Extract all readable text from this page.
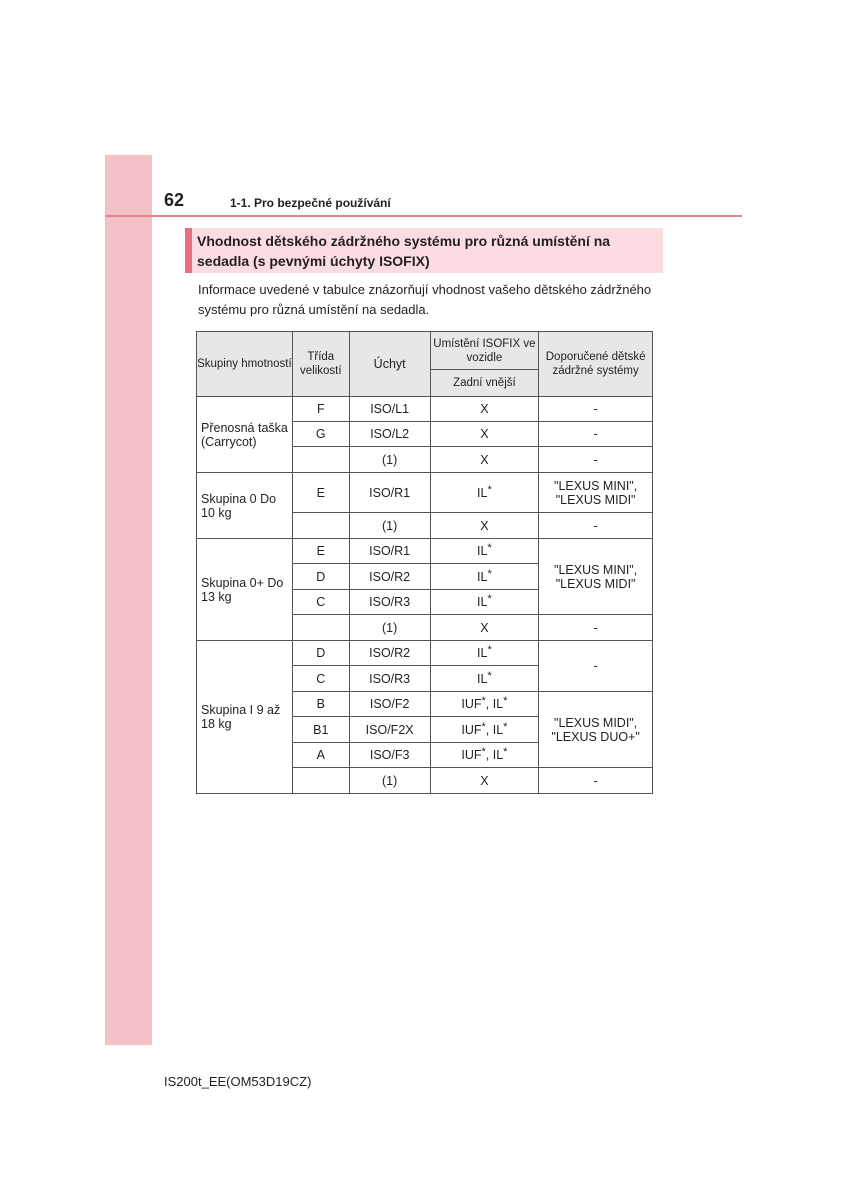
62	1-1. Pro bezpečné používání
Vhodnost dětského zádržného systému pro různá umístění na sedadla (s pevnými úchyty ISOFIX)
Informace uvedené v tabulce znázorňují vhodnost vašeho dětského zádržného systému pro různá umístění na sedadla.
Skupiny hmotností	Třída velikostí	Úchyt	Umístění ISOFIX ve vozidle	Doporučené dětské zádržné systémy
			Zadní vnější	
Přenosná taška (Carrycot)	F	ISO/L1	X	-
	G	ISO/L2	X	-
		(1)	X	-
Skupina 0 Do 10 kg	E	ISO/R1	IL*	"LEXUS MINI", "LEXUS MIDI"
		(1)	X	-
Skupina 0+ Do 13 kg	E	ISO/R1	IL*	"LEXUS MINI", "LEXUS MIDI"
	D	ISO/R2	IL*
	C	ISO/R3	IL*
		(1)	X	-
Skupina I 9 až 18 kg	D	ISO/R2	IL*	-
	C	ISO/R3	IL*
	B	ISO/F2	IUF*, IL*	"LEXUS MIDI", "LEXUS DUO+"
	B1	ISO/F2X	IUF*, IL*
	A	ISO/F3	IUF*, IL*
		(1)	X	-
IS200t_EE(OM53D19CZ)
